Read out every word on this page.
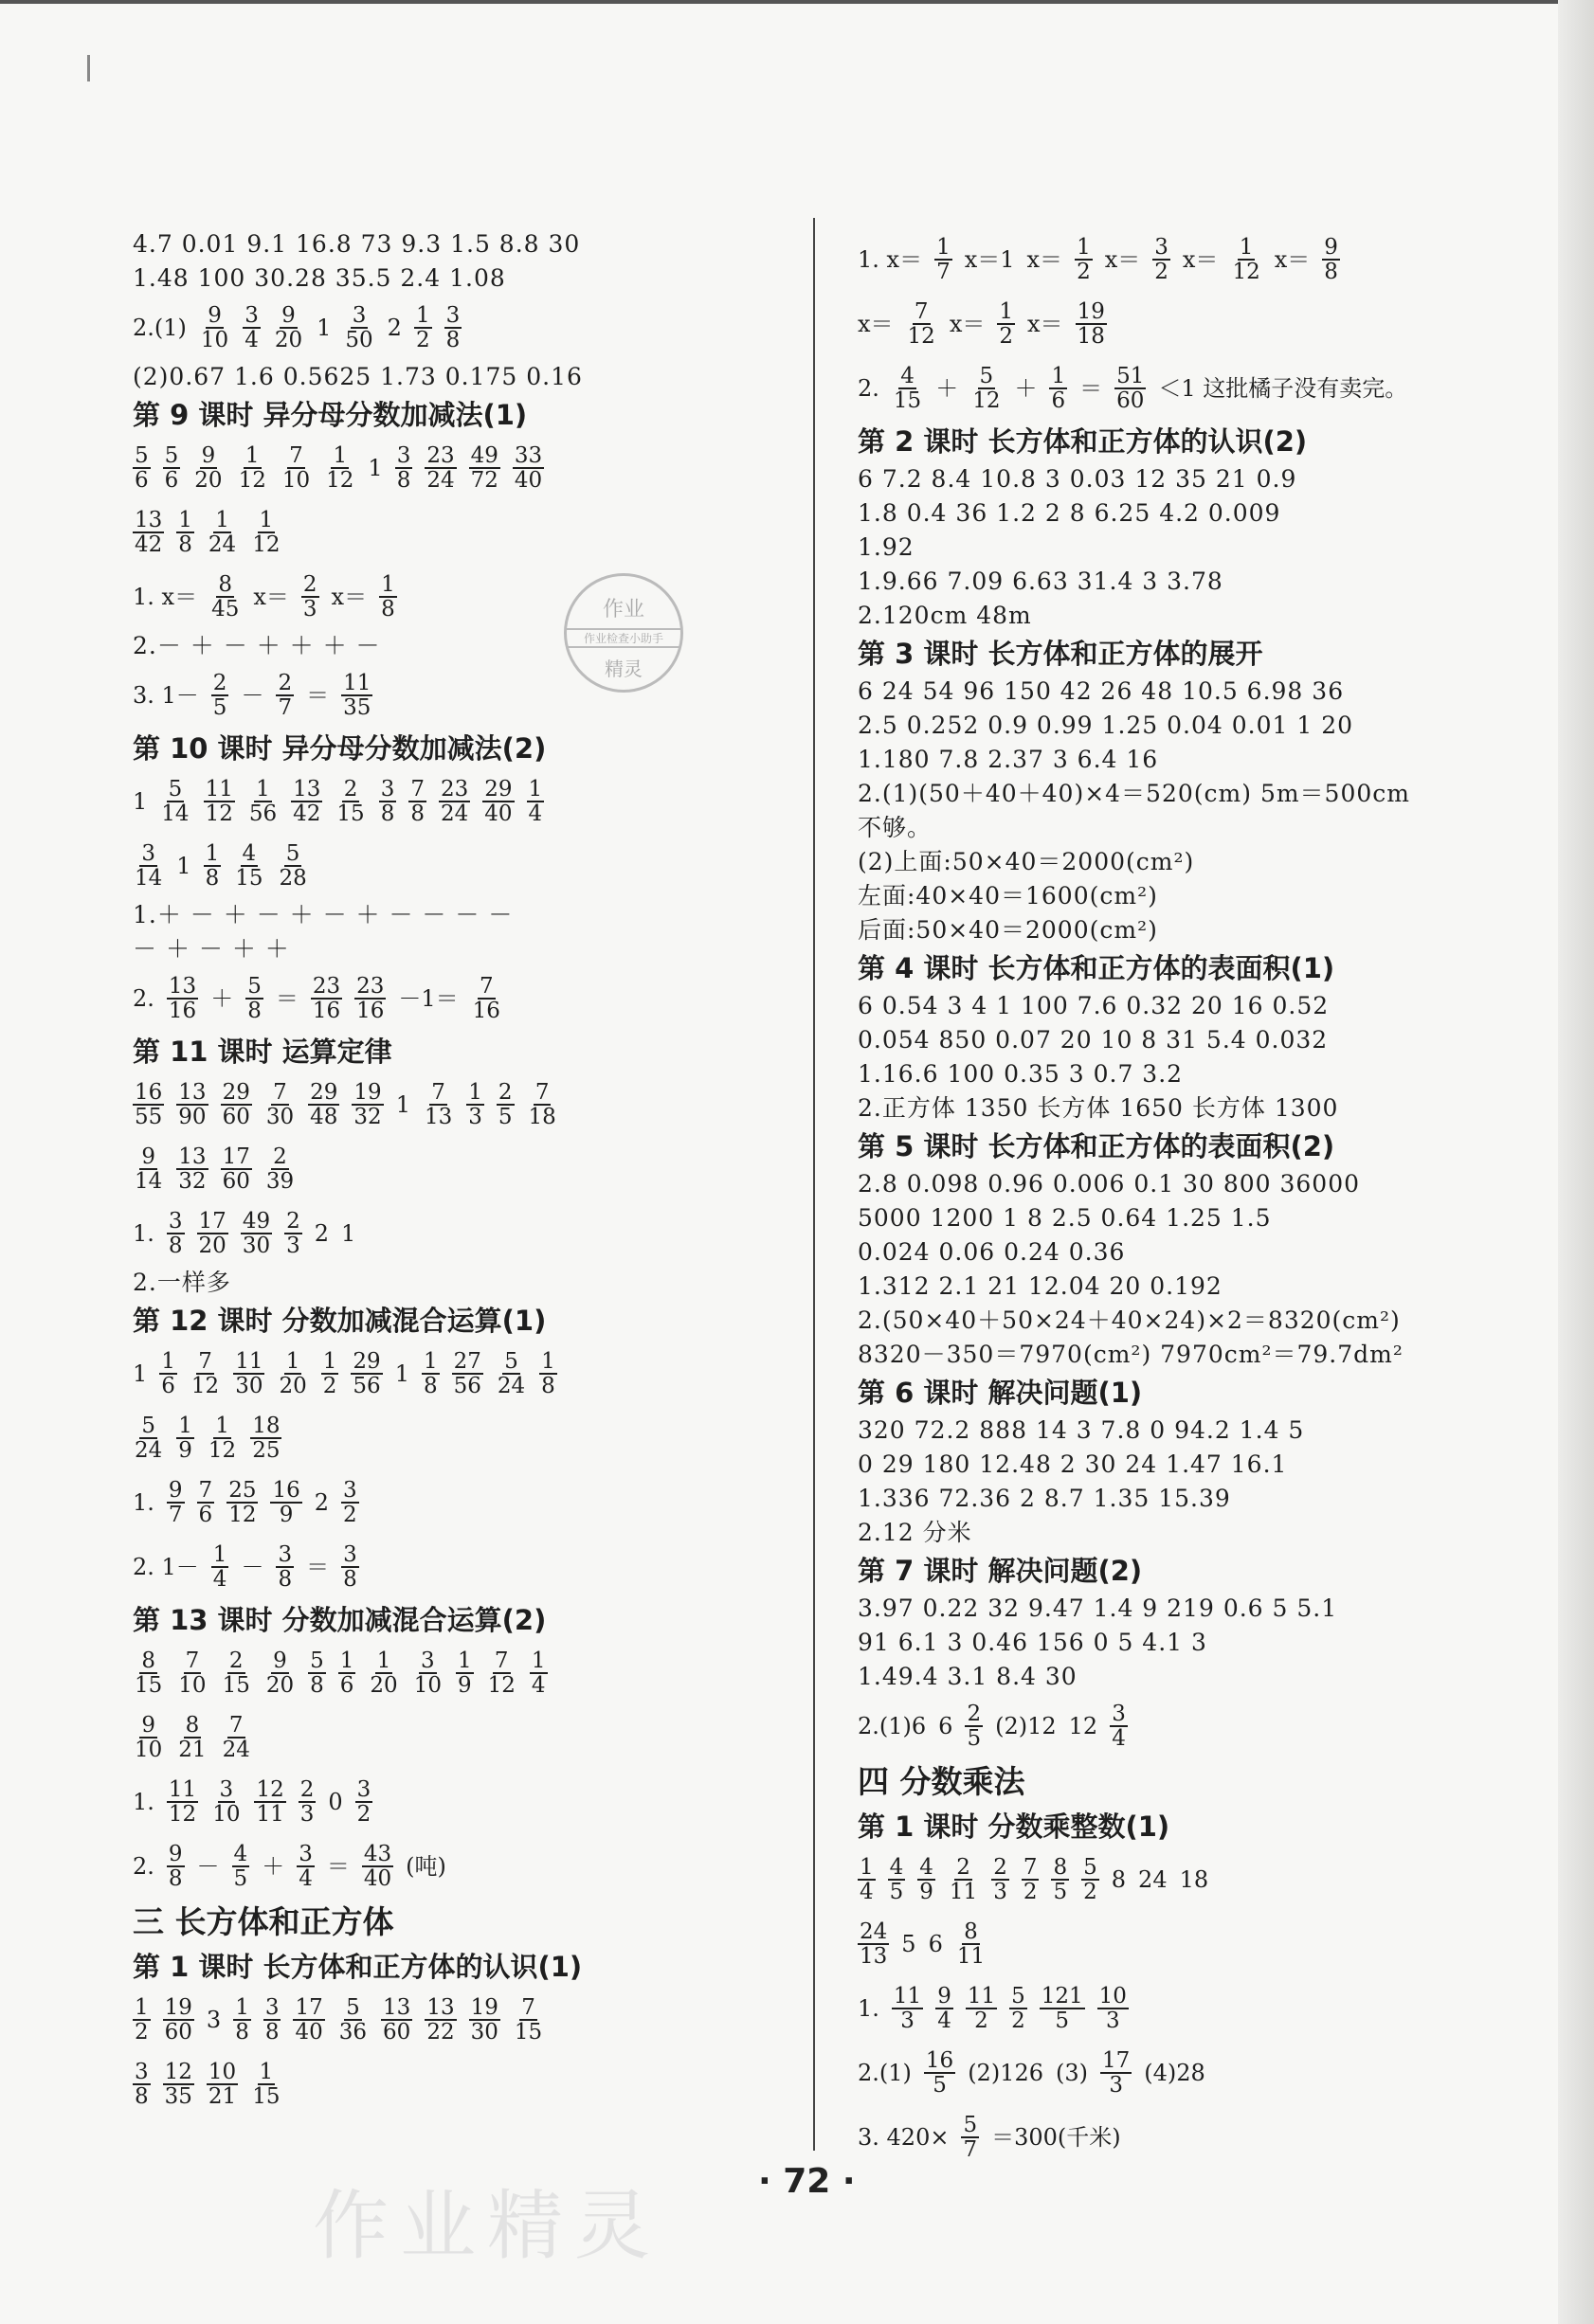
4.7 0.01 9.1 16.8 73 9.3 1.5 8.8 30
1.48 100 30.28 35.5 2.4 1.08
$2.(1) \frac{9}{10} \frac{3}{4} \frac{9}{20} 1 \frac{3}{50} 2 \frac{1}{2} \frac{3}{8}$
(2)0.67 1.6 0.5625 1.73 0.175 0.16
第 9 课时 异分母分数加减法(1)
$\frac{5}{6} \frac{5}{6} \frac{9}{20} \frac{1}{12} \frac{7}{10} \frac{1}{12} 1 \frac{3}{8} \frac{23}{24} \frac{49}{72} \frac{33}{40}$
$\frac{13}{42} \frac{1}{8} \frac{1}{24} \frac{1}{12}$
1. $x= \frac{8}{45} x= \frac{2}{3} x= \frac{1}{8}$
2.－ ＋ － ＋ ＋ ＋ －
3. $1- \frac{2}{5} - \frac{2}{7} = \frac{11}{35}$
第 10 课时 异分母分数加减法(2)
$1 \frac{5}{14} \frac{11}{12} \frac{1}{56} \frac{13}{42} \frac{2}{15} \frac{3}{8} \frac{7}{8} \frac{23}{24} \frac{29}{40} \frac{1}{4}$
$\frac{3}{14} 1 \frac{1}{8} \frac{4}{15} \frac{5}{28}$
1.＋ － ＋ － ＋ － ＋ － － － －
－ ＋ － ＋ ＋
2. $\frac{13}{16} + \frac{5}{8} = \frac{23}{16} \frac{23}{16} -1= \frac{7}{16}$
第 11 课时 运算定律
$\frac{16}{55} \frac{13}{90} \frac{29}{60} \frac{7}{30} \frac{29}{48} \frac{19}{32} 1 \frac{7}{13} \frac{1}{3} \frac{2}{5} \frac{7}{18}$
$\frac{9}{14} \frac{13}{32} \frac{17}{60} \frac{2}{39}$
1. $\frac{3}{8} \frac{17}{20} \frac{49}{30} \frac{2}{3} 2$ 1
2.一样多
第 12 课时 分数加减混合运算(1)
$1 \frac{1}{6} \frac{7}{12} \frac{11}{30} \frac{1}{20} \frac{1}{2} \frac{29}{56} 1 \frac{1}{8} \frac{27}{56} \frac{5}{24} \frac{1}{8}$
$\frac{5}{24} \frac{1}{9} \frac{1}{12} \frac{18}{25}$
1. $\frac{9}{7} \frac{7}{6} \frac{25}{12} \frac{16}{9} 2 \frac{3}{2}$
2. $1- \frac{1}{4} - \frac{3}{8} = \frac{3}{8}$
第 13 课时 分数加减混合运算(2)
$\frac{8}{15} \frac{7}{10} \frac{2}{15} \frac{9}{20} \frac{5}{8} \frac{1}{6} \frac{1}{20} \frac{3}{10} \frac{1}{9} \frac{7}{12} \frac{1}{4}$
$\frac{9}{10} \frac{8}{21} \frac{7}{24}$
1. $\frac{11}{12} \frac{3}{10} \frac{12}{11} \frac{2}{3} 0 \frac{3}{2}$
2. $\frac{9}{8} - \frac{4}{5} + \frac{3}{4} = \frac{43}{40}$ (吨)
三 长方体和正方体
第 1 课时 长方体和正方体的认识(1)
$\frac{1}{2} \frac{19}{60} 3 \frac{1}{8} \frac{3}{8} \frac{17}{40} \frac{5}{36} \frac{13}{60} \frac{13}{22} \frac{19}{30} \frac{7}{15}$
$\frac{3}{8} \frac{12}{35} \frac{10}{21} \frac{1}{15}$
1. $x= \frac{1}{7} x=1$ $x= \frac{1}{2} x= \frac{3}{2} x= \frac{1}{12} x= \frac{9}{8}$
$x= \frac{7}{12} x= \frac{1}{2} x= \frac{19}{18}$
2. $\frac{4}{15} + \frac{5}{12} + \frac{1}{6} = \frac{51}{60} <1$ 这批橘子没有卖完。
第 2 课时 长方体和正方体的认识(2)
6 7.2 8.4 10.8 3 0.03 12 35 21 0.9
1.8 0.4 36 1.2 2 8 6.25 4.2 0.009
1.92
1.9.66 7.09 6.63 31.4 3 3.78
2.120cm 48m
第 3 课时 长方体和正方体的展开
6 24 54 96 150 42 26 48 10.5 6.98 36
2.5 0.252 0.9 0.99 1.25 0.04 0.01 1 20
1.180 7.8 2.37 3 6.4 16
2.(1)(50＋40＋40)×4＝520(cm) 5m＝500cm
不够。
(2)上面:50×40＝2000(cm²)
左面:40×40＝1600(cm²)
后面:50×40＝2000(cm²)
第 4 课时 长方体和正方体的表面积(1)
6 0.54 3 4 1 100 7.6 0.32 20 16 0.52
0.054 850 0.07 20 10 8 31 5.4 0.032
1.16.6 100 0.35 3 0.7 3.2
2.正方体 1350 长方体 1650 长方体 1300
第 5 课时 长方体和正方体的表面积(2)
2.8 0.098 0.96 0.006 0.1 30 800 36000
5000 1200 1 8 2.5 0.64 1.25 1.5
0.024 0.06 0.24 0.36
1.312 2.1 21 12.04 20 0.192
2.(50×40＋50×24＋40×24)×2＝8320(cm²)
8320－350＝7970(cm²) 7970cm²＝79.7dm²
第 6 课时 解决问题(1)
320 72.2 888 14 3 7.8 0 94.2 1.4 5
0 29 180 12.48 2 30 24 1.47 16.1
1.336 72.36 2 8.7 1.35 15.39
2.12 分米
第 7 课时 解决问题(2)
3.97 0.22 32 9.47 1.4 9 219 0.6 5 5.1
91 6.1 3 0.46 156 0 5 4.1 3
1.49.4 3.1 8.4 30
2.(1)6 $6 \frac{2}{5} (2)12$ $12 \frac{3}{4}$
四 分数乘法
第 1 课时 分数乘整数(1)
$\frac{1}{4} \frac{4}{5} \frac{4}{9} \frac{2}{11} \frac{2}{3} \frac{7}{2} \frac{8}{5} \frac{5}{2} 8$ 24 18
$\frac{24}{13} 5$ $6 \frac{8}{11}$
1. $\frac{11}{3} \frac{9}{4} \frac{11}{2} \frac{5}{2} \frac{121}{5} \frac{10}{3}$
$2.(1) \frac{16}{5} (2)126$ $(3) \frac{17}{3} (4)28$
3. $420\times \frac{5}{7} =300$(千米)
作业
作业检查小助手
精灵
作业精灵
· 72 ·
